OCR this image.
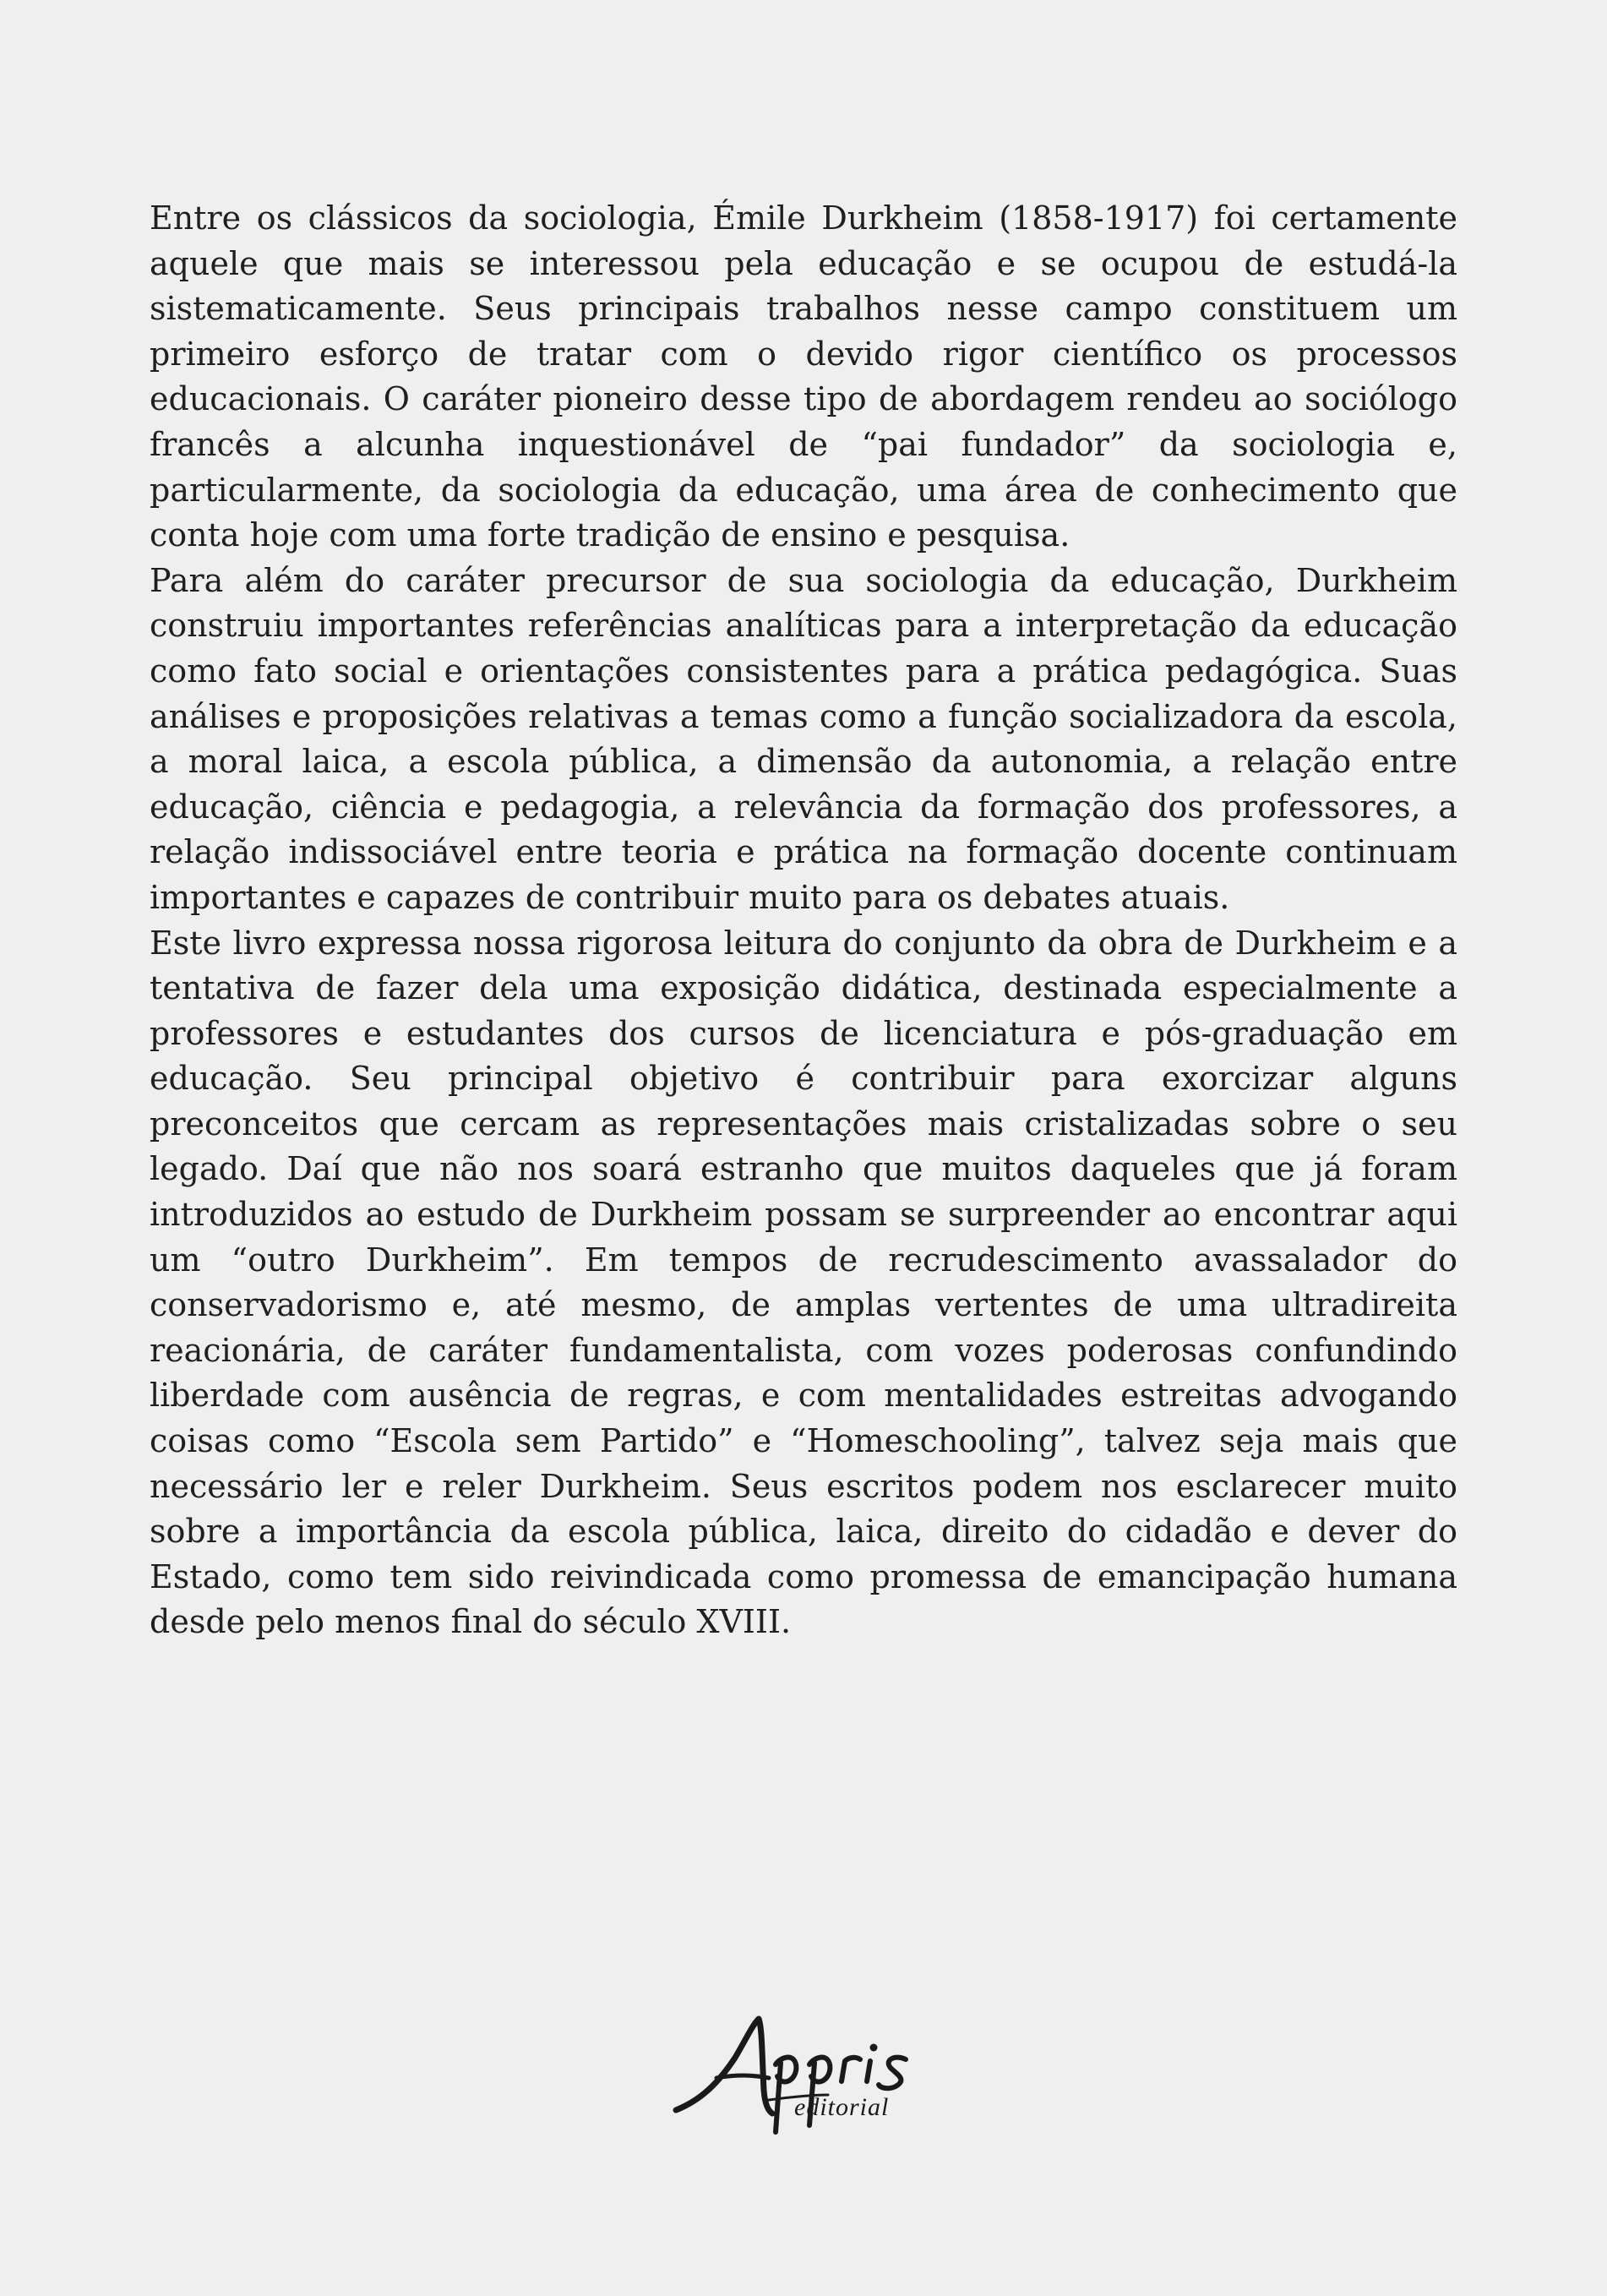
Entre os clássicos da sociologia, Émile Durkheim (1858-1917) foi certamente aquele que mais se interessou pela educação e se ocupou de estudá-la sistematicamente. Seus principais trabalhos nesse campo constituem um primeiro esforço de tratar com o devido rigor científico os processos educacionais. O caráter pioneiro desse tipo de abordagem rendeu ao sociólogo francês a alcunha inquestionável de “pai fundador” da sociologia e, particularmente, da sociologia da educação, uma área de conhecimento que conta hoje com uma forte tradição de ensino e pesquisa.

Para além do caráter precursor de sua sociologia da educação, Durkheim construiu importantes referências analíticas para a interpretação da educação como fato social e orientações consistentes para a prática pedagógica. Suas análises e proposições relativas a temas como a função socializadora da escola, a moral laica, a escola pública, a dimensão da autonomia, a relação entre educação, ciência e pedagogia, a relevância da formação dos professores, a relação indissociável entre teoria e prática na formação docente continuam importantes e capazes de contribuir muito para os debates atuais.

Este livro expressa nossa rigorosa leitura do conjunto da obra de Durkheim e a tentativa de fazer dela uma exposição didática, destinada especialmente a professores e estudantes dos cursos de licenciatura e pós-graduação em educação. Seu principal objetivo é contribuir para exorcizar alguns preconceitos que cercam as representações mais cristalizadas sobre o seu legado. Daí que não nos soará estranho que muitos daqueles que já foram introduzidos ao estudo de Durkheim possam se surpreender ao encontrar aqui um “outro Durkheim”. Em tempos de recrudescimento avassalador do conservadorismo e, até mesmo, de amplas vertentes de uma ultradireita reacionária, de caráter fundamentalista, com vozes poderosas confundindo liberdade com ausência de regras, e com mentalidades estreitas advogando coisas como “Escola sem Partido” e “Homeschooling”, talvez seja mais que necessário ler e reler Durkheim. Seus escritos podem nos esclarecer muito sobre a importância da escola pública, laica, direito do cidadão e dever do Estado, como tem sido reivindicada como promessa de emancipação humana desde pelo menos final do século XVIII.

editorial
